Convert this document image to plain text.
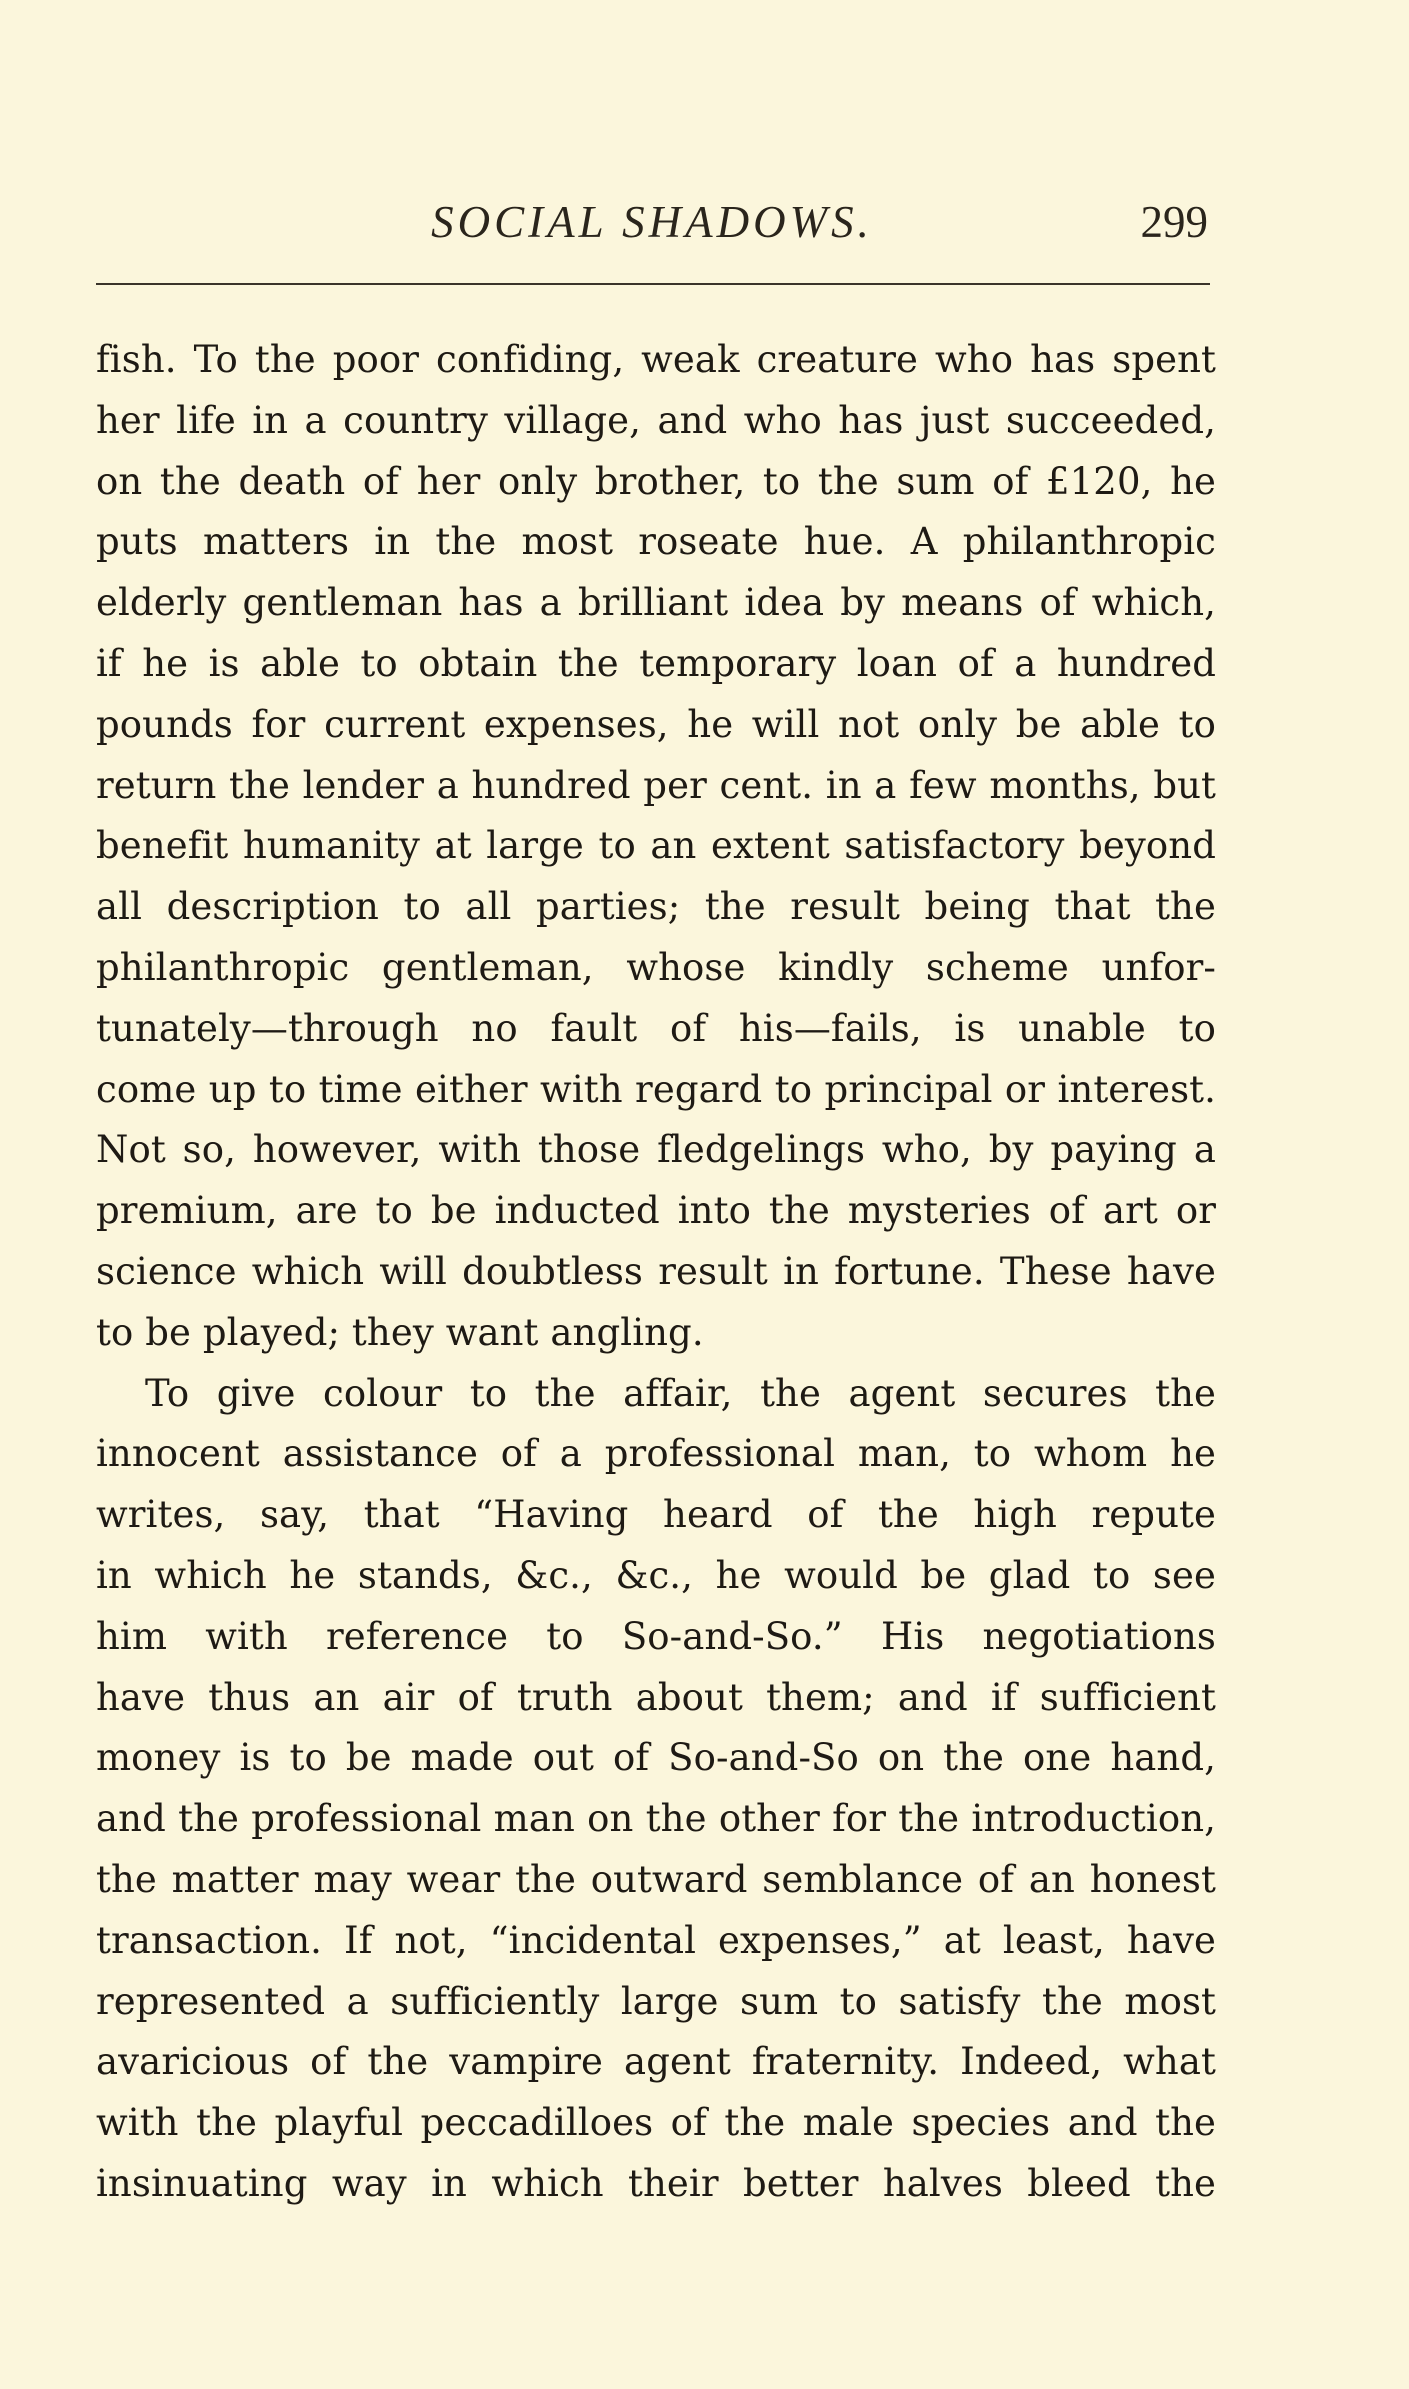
SOCIAL SHADOWS.	299
fish. To the poor confiding, weak creature who has spent
her life in a country village, and who has just succeeded,
on the death of her only brother, to the sum of £120, he
puts matters in the most roseate hue. A philanthropic
elderly gentleman has a brilliant idea by means of which,
if he is able to obtain the temporary loan of a hundred
pounds for current expenses, he will not only be able to
return the lender a hundred per cent. in a few months, but
benefit humanity at large to an extent satisfactory beyond
all description to all parties; the result being that the
philanthropic gentleman, whose kindly scheme unfor-
tunately—through no fault of his—fails, is unable to
come up to time either with regard to principal or interest.
Not so, however, with those fledgelings who, by paying a
premium, are to be inducted into the mysteries of art or
science which will doubtless result in fortune. These have
to be played; they want angling.
To give colour to the affair, the agent secures the
innocent assistance of a professional man, to whom he
writes, say, that “Having heard of the high repute
in which he stands, &c., &c., he would be glad to see
him with reference to So-and-So.” His negotiations
have thus an air of truth about them; and if sufficient
money is to be made out of So-and-So on the one hand,
and the professional man on the other for the introduction,
the matter may wear the outward semblance of an honest
transaction. If not, “incidental expenses,” at least, have
represented a sufficiently large sum to satisfy the most
avaricious of the vampire agent fraternity. Indeed, what
with the playful peccadilloes of the male species and the
insinuating way in which their better halves bleed the
